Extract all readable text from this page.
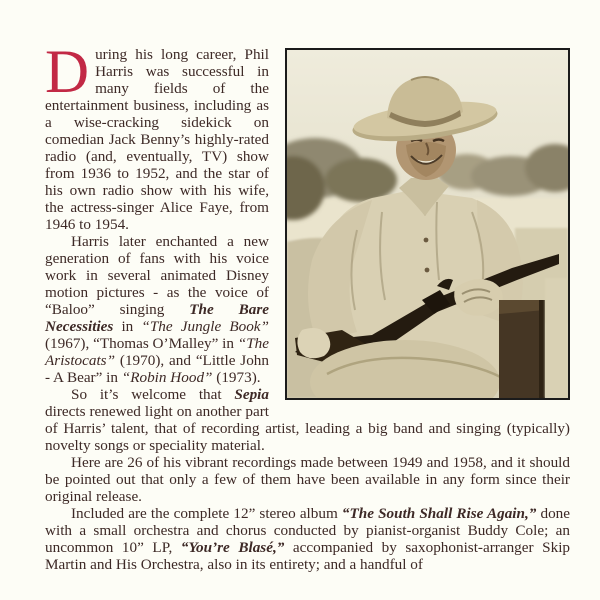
During his long career, Phil Harris was successful in many fields of the entertainment business, including as a wise-cracking sidekick on comedian Jack Benny’s highly-rated radio (and, eventually, TV) show from 1936 to 1952, and the star of his own radio show with his wife, the actress-singer Alice Faye, from 1946 to 1954.

Harris later enchanted a new generation of fans with his voice work in several animated Disney motion pictures - as the voice of “Baloo” singing The Bare Necessities in “The Jungle Book” (1967), “Thomas O’Malley” in “The Aristocats” (1970), and “Little John - A Bear” in “Robin Hood” (1973).

So it’s welcome that Sepia directs renewed light on another part of Harris’ talent, that of recording artist, leading a big band and singing (typically) novelty songs or speciality material.

Here are 26 of his vibrant recordings made between 1949 and 1958, and it should be pointed out that only a few of them have been available in any form since their original release.

Included are the complete 12” stereo album “The South Shall Rise Again,” done with a small orchestra and chorus conducted by pianist-organist Buddy Cole; an uncommon 10” LP, “You’re Blasé,” accompanied by saxophonist-arranger Skip Martin and His Orchestra, also in its entirety; and a handful of
